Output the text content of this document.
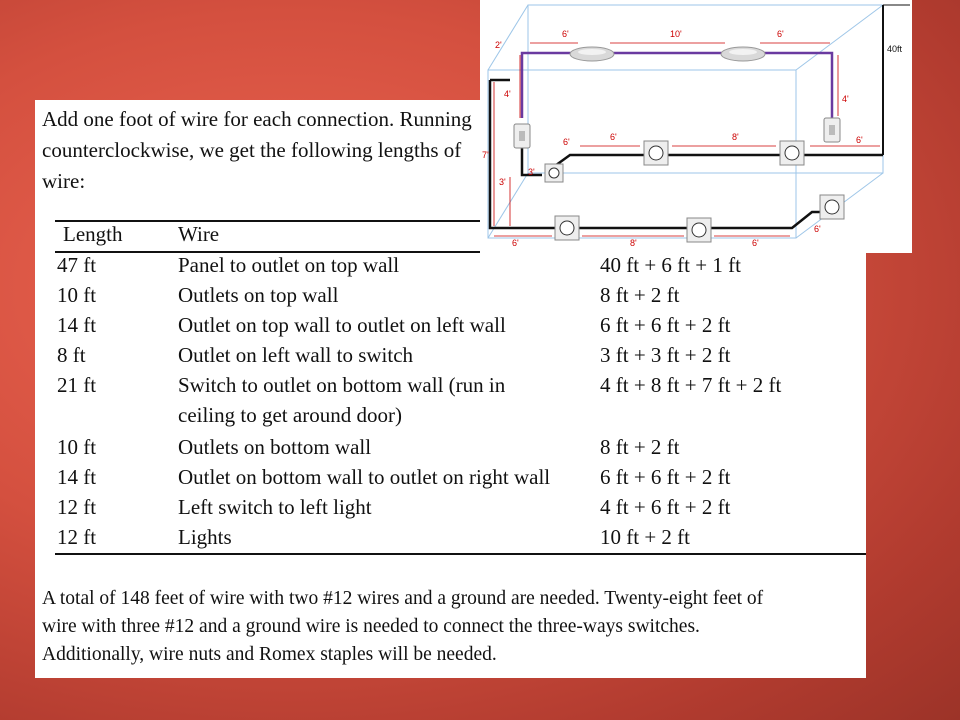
Add one foot of wire for each connection. Running
counterclockwise, we get the following lengths of
wire:
Length	Wire
47 ft	Panel to outlet on top wall	40 ft + 6 ft + 1 ft
10 ft	Outlets on top wall	8 ft + 2 ft
14 ft	Outlet on top wall to outlet on left wall	6 ft + 6 ft + 2 ft
8 ft	Outlet on left wall to switch	3 ft + 3 ft + 2 ft
21 ft	Switch to outlet on bottom wall (run in	4 ft + 8 ft + 7 ft + 2 ft
ceiling to get around door)
10 ft	Outlets on bottom wall	8 ft + 2 ft
14 ft	Outlet on bottom wall to outlet on right wall 6 ft + 6 ft + 2 ft
12 ft	Left switch to left light	4 ft + 6 ft + 2 ft
12 ft	Lights	10 ft + 2 ft
A total of 148 feet of wire with two #12 wires and a ground are needed. Twenty-eight feet of
wire with three #12 and a ground wire is needed to connect the three-ways switches.
Additionally, wire nuts and Romex staples will be needed.
40ft
6'	10'	6'
2'
4'	4'
6'	6'	8'	6'
7'
3'
3'
6'	8'	6'
6'
